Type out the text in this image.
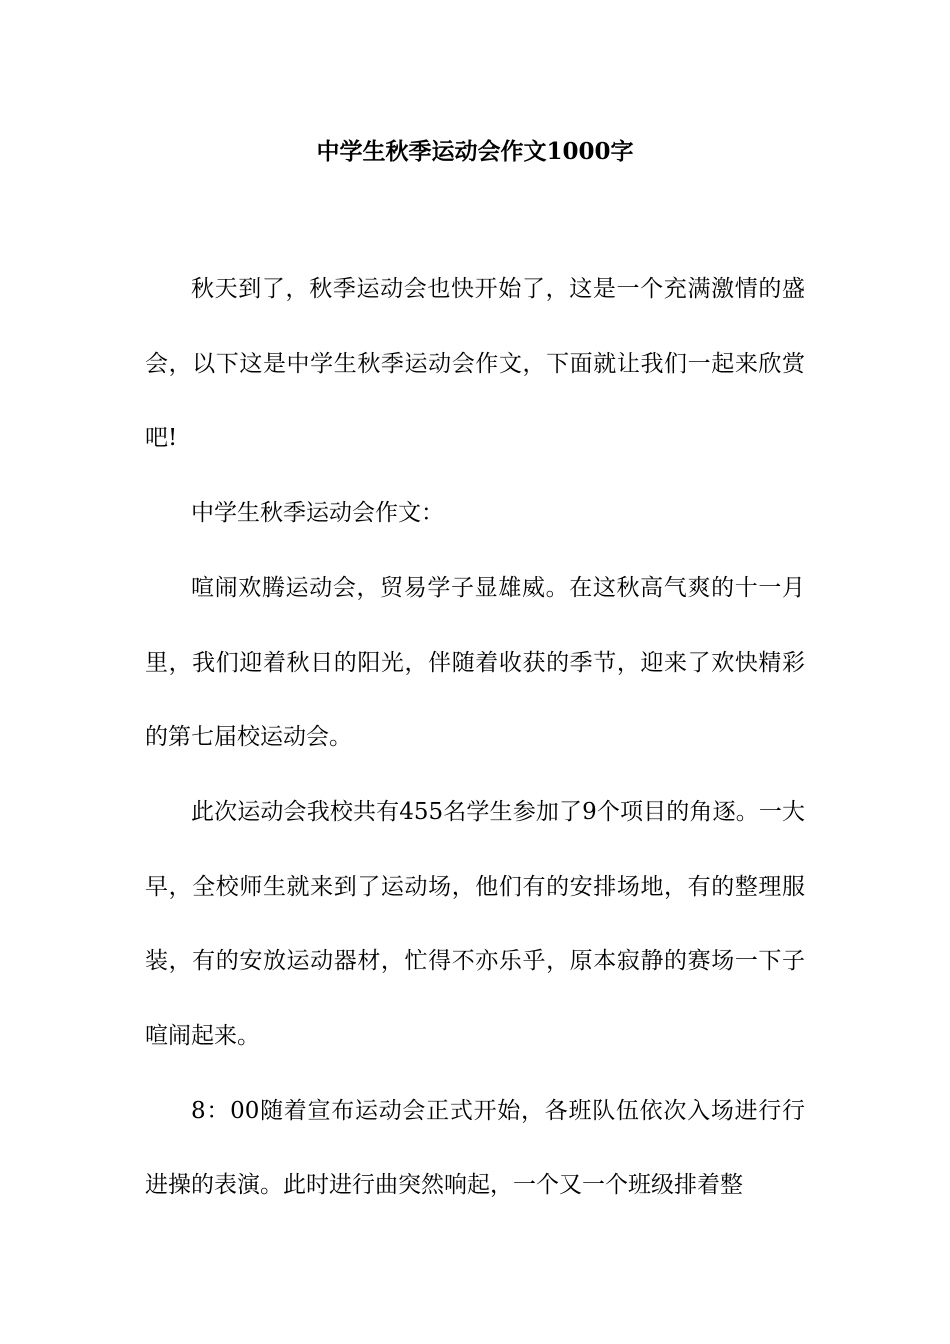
中学生秋季运动会作文1000字

秋天到了，秋季运动会也快开始了，这是一个充满激情的盛会，以下这是中学生秋季运动会作文，下面就让我们一起来欣赏吧!

中学生秋季运动会作文：

喧闹欢腾运动会，贸易学子显雄威。在这秋高气爽的十一月里，我们迎着秋日的阳光，伴随着收获的季节，迎来了欢快精彩的第七届校运动会。

此次运动会我校共有455名学生参加了9个项目的角逐。一大早，全校师生就来到了运动场，他们有的安排场地，有的整理服装，有的安放运动器材，忙得不亦乐乎，原本寂静的赛场一下子喧闹起来。

8：00随着宣布运动会正式开始，各班队伍依次入场进行行进操的表演。此时进行曲突然响起，一个又一个班级排着整
